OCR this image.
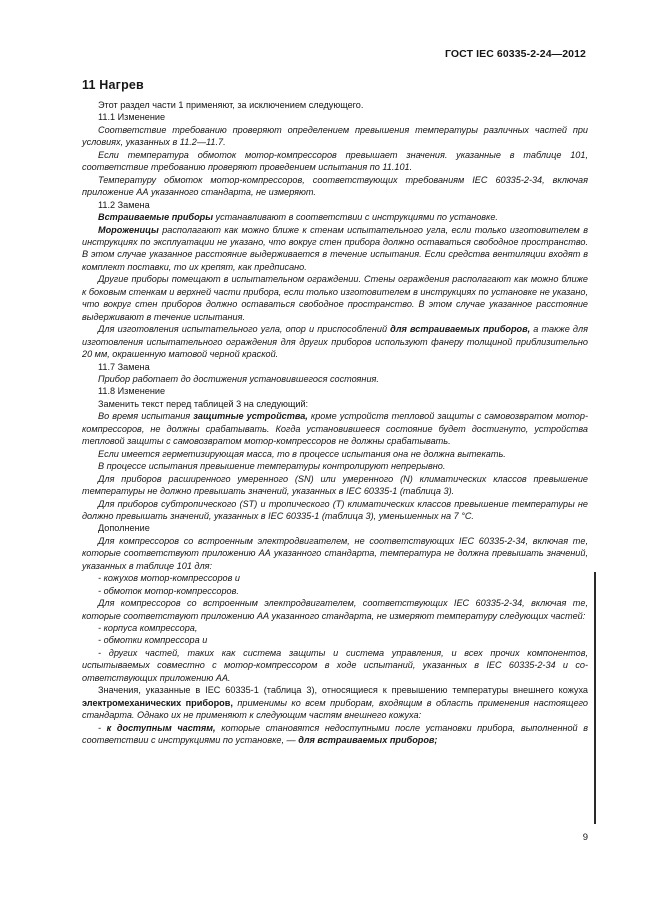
ГОСТ IEC 60335-2-24—2012
11 Нагрев

Этот раздел части 1 применяют, за исключением следующего.

11.1 Изменение

Соответствие требованию проверяют определением превышения температуры различных частей при условиях, указанных в 11.2—11.7.

Если температура обмоток мотор-компрессоров превышает значения. указанные в таблице 101, соответствие требованию проверяют проведением испытания по 11.101.

Температуру обмоток мотор-компрессоров, соответствующих требованиям IEC 60335-2-34, включая приложение АА указанного стандарта, не измеряют.

11.2 Замена

Встраиваемые приборы устанавливают в соответствии с инструкциями по установке.

Мороженицы располагают как можно ближе к стенам испытательного угла, если только изготовителем в инструкциях по эксплуатации не указано, что вокруг стен прибора должно оставаться свободное пространство. В этом случае указанное расстояние выдерживается в течение испытания. Если средства вентиляции входят в комплект поставки, то их крепят, как предписано.

Другие приборы помещают в испытательном ограждении. Стены ограждения располагают как можно ближе к боковым стенкам и верхней части прибора, если только изготовителем в инструкциях по установке не указано, что вокруг стен приборов должно оставаться свободное пространство. В этом случае указанное расстояние выдерживают в течение испытания.

Для изготовления испытательного угла, опор и приспособлений для встраиваемых приборов, а также для изготовления испытательного ограждения для других приборов используют фанеру толщиной приблизительно 20 мм, окрашенную матовой черной краской.

11.7 Замена

Прибор работает до достижения установившегося состояния.

11.8 Изменение

Заменить текст перед таблицей 3 на следующий:

Во время испытания защитные устройства, кроме устройств тепловой защиты с самовозвратом мотор-компрессоров, не должны срабатывать. Когда установившееся состояние будет достигнуто, устройства тепловой защиты с самовозвратом мотор-компрессоров не должны срабатывать.

Если имеется герметизирующая масса, то в процессе испытания она не должна вытекать.

В процессе испытания превышение температуры контролируют непрерывно.

Для приборов расширенного умеренного (SN) или умеренного (N) климатических классов превышение температуры не должно превышать значений, указанных в IEC 60335-1 (таблица 3).

Для приборов субтропического (ST) и тропического (T) климатических классов превышение температуры не должно превышать значений, указанных в IEC 60335-1 (таблица 3), уменьшенных на 7 °C.

Дополнение

Для компрессоров со встроенным электродвигателем, не соответствующих IEC 60335-2-34, включая те, которые соответствуют приложению АА указанного стандарта, температура не должна превышать значений, указанных в таблице 101 для:

- кожухов мотор-компрессоров и

- обмоток мотор-компрессоров.

Для компрессоров со встроенным электродвигателем, соответствующих IEC 60335-2-34, включая те, которые соответствуют приложению АА указанного стандарта, не измеряют температуру следующих частей:

- корпуса компрессора,

- обмотки компрессора и

- других частей, таких как система защиты и система управления, и всех прочих компонентов, испытываемых совместно с мотор-компрессором в ходе испытаний, указанных в IEC 60335-2-34 и соответствующих приложению АА.

Значения, указанные в IEC 60335-1 (таблица 3), относящиеся к превышению температуры внешнего кожуха электромеханических приборов, применимы ко всем приборам, входящим в область применения настоящего стандарта. Однако их не применяют к следующим частям внешнего кожуха:

- к доступным частям, которые становятся недоступными после установки прибора, выполненной в соответствии с инструкциями по установке, — для встраиваемых приборов;

9
